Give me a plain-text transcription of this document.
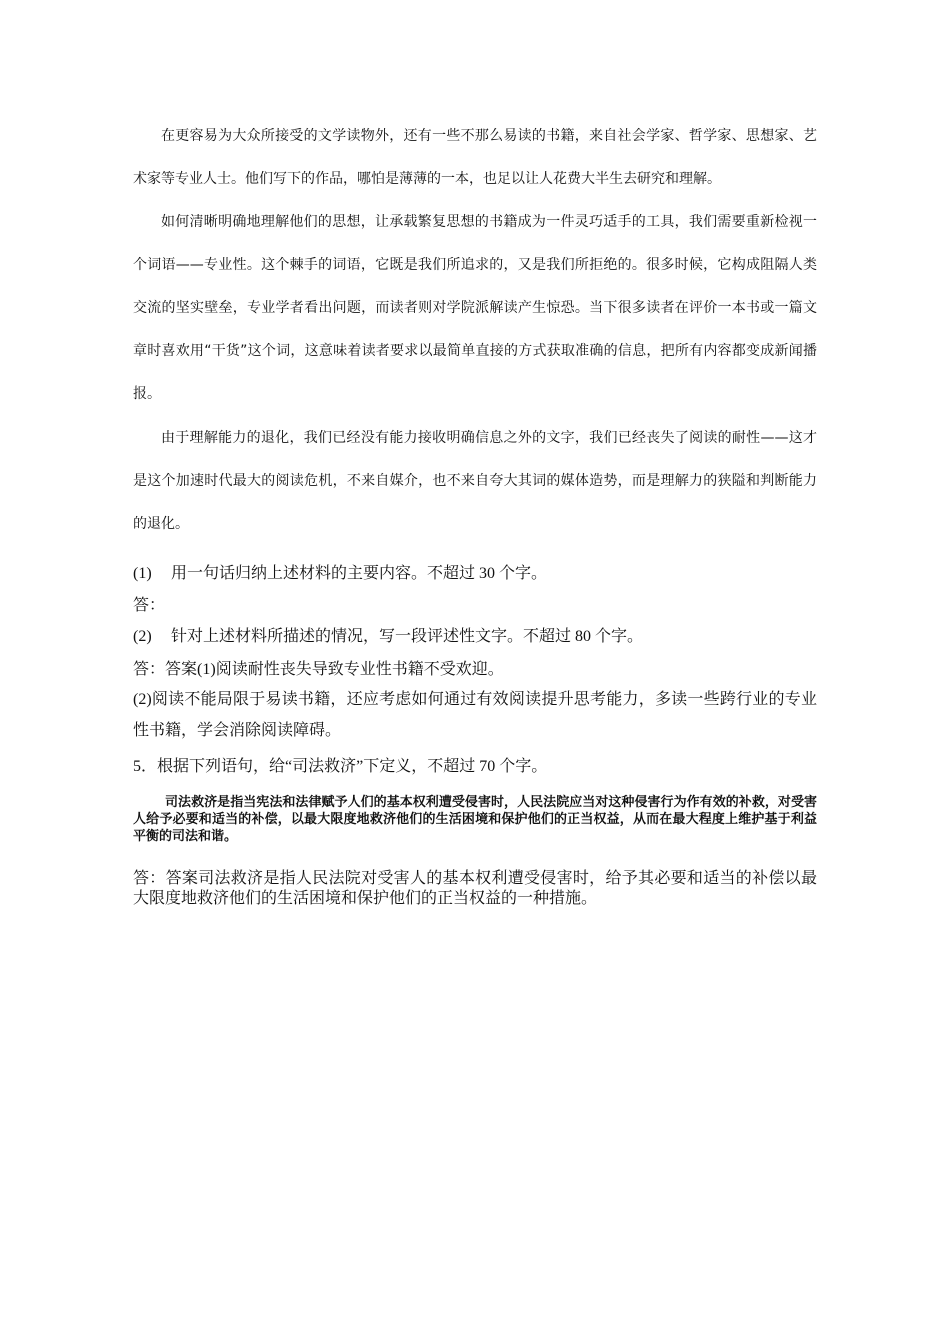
在更容易为大众所接受的文学读物外，还有一些不那么易读的书籍，来自社会学家、哲学家、思想家、艺术家等专业人士。他们写下的作品，哪怕是薄薄的一本，也足以让人花费大半生去研究和理解。

如何清晰明确地理解他们的思想，让承载繁复思想的书籍成为一件灵巧适手的工具，我们需要重新检视一个词语——专业性。这个棘手的词语，它既是我们所追求的，又是我们所拒绝的。很多时候，它构成阻隔人类交流的坚实壁垒，专业学者看出问题，而读者则对学院派解读产生惊恐。当下很多读者在评价一本书或一篇文章时喜欢用“干货”这个词，这意味着读者要求以最简单直接的方式获取准确的信息，把所有内容都变成新闻播报。

由于理解能力的退化，我们已经没有能力接收明确信息之外的文字，我们已经丧失了阅读的耐性——这才是这个加速时代最大的阅读危机，不来自媒介，也不来自夸大其词的媒体造势，而是理解力的狭隘和判断能力的退化。

(1) 用一句话归纳上述材料的主要内容。不超过 30 个字。

答：

(2) 针对上述材料所描述的情况，写一段评述性文字。不超过 80 个字。

答：答案(1)阅读耐性丧失导致专业性书籍不受欢迎。

(2)阅读不能局限于易读书籍，还应考虑如何通过有效阅读提升思考能力，多读一些跨行业的专业性书籍，学会消除阅读障碍。

5．根据下列语句，给“司法救济”下定义，不超过 70 个字。

司法救济是指当宪法和法律赋予人们的基本权利遭受侵害时，人民法院应当对这种侵害行为作有效的补救，对受害人给予必要和适当的补偿，以最大限度地救济他们的生活困境和保护他们的正当权益，从而在最大程度上维护基于利益平衡的司法和谐。

答：答案司法救济是指人民法院对受害人的基本权利遭受侵害时，给予其必要和适当的补偿以最大限度地救济他们的生活困境和保护他们的正当权益的一种措施。
